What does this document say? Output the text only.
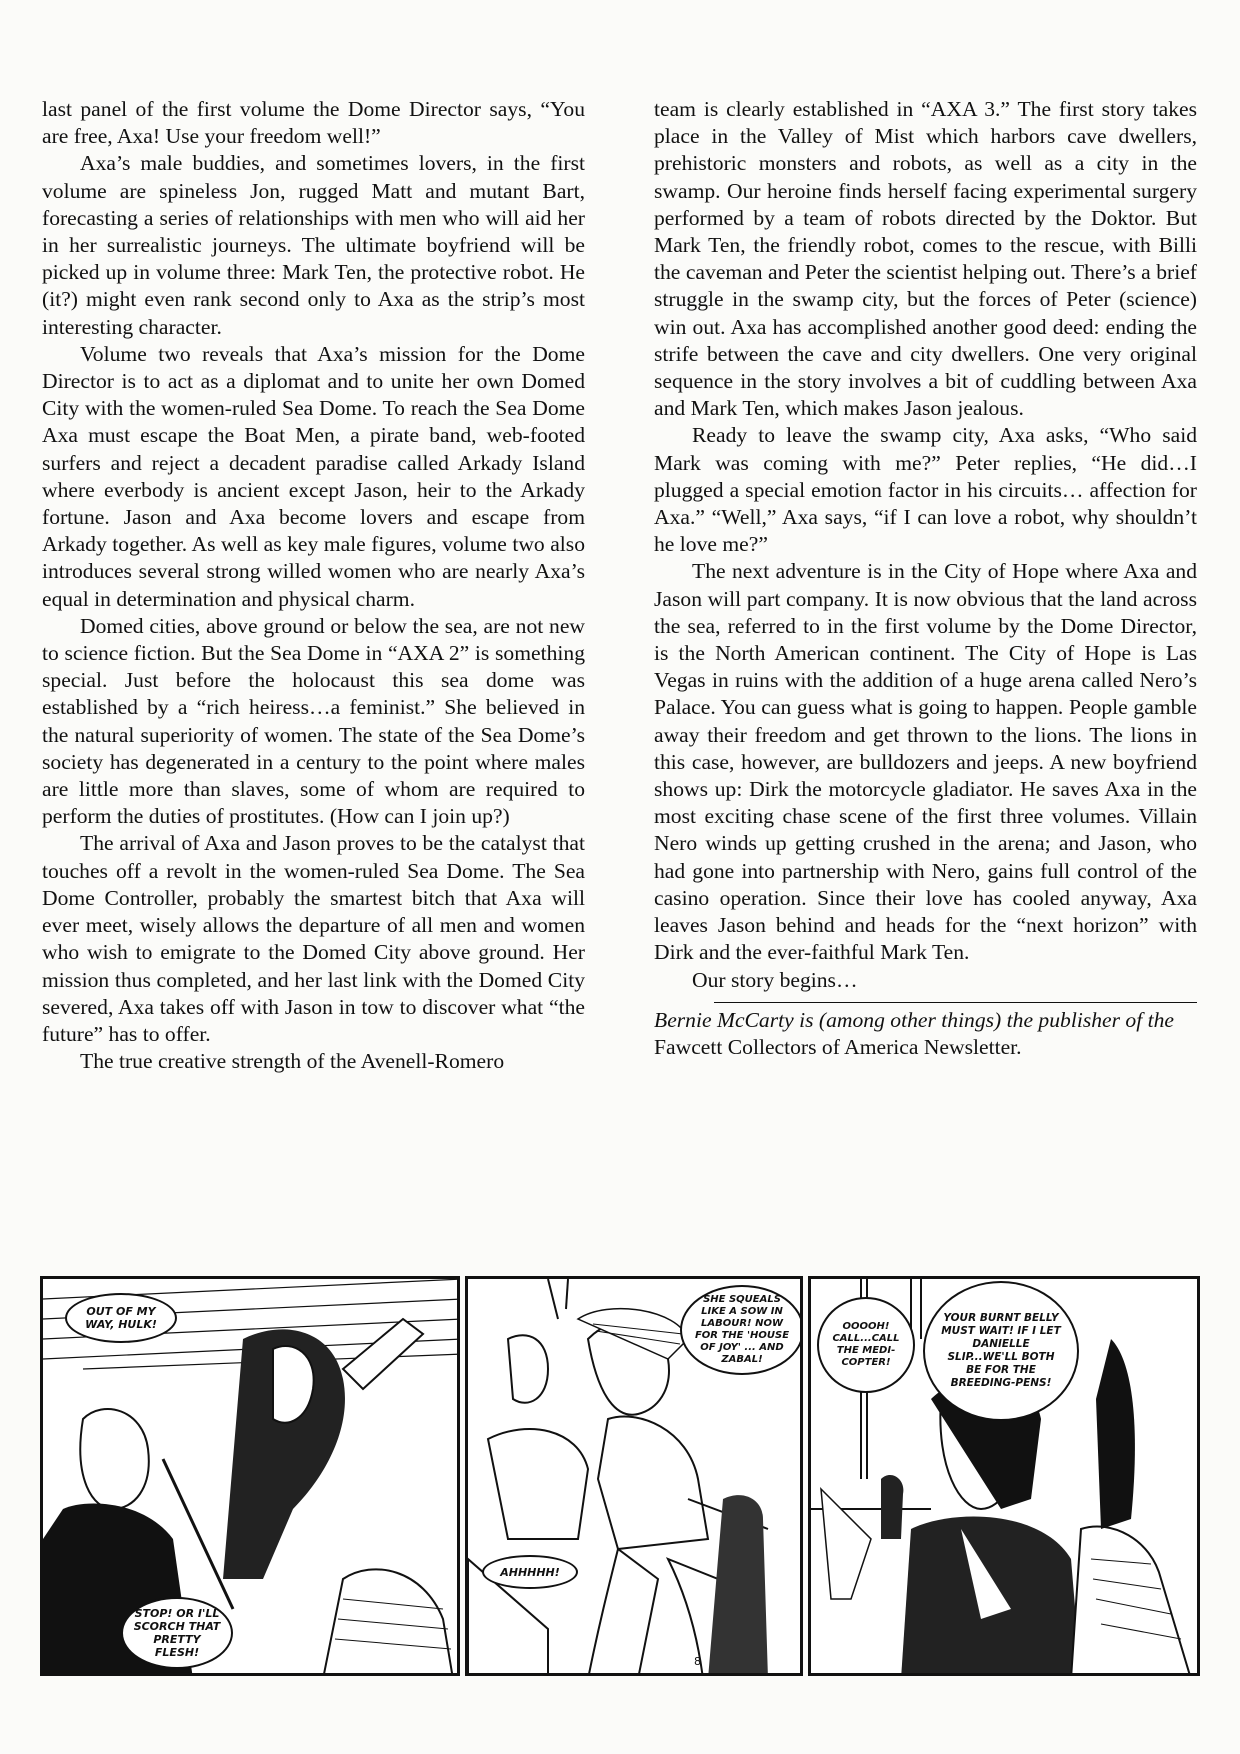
last panel of the first volume the Dome Director says, “You are free, Axa! Use your freedom well!”

Axa’s male buddies, and sometimes lovers, in the first volume are spineless Jon, rugged Matt and mutant Bart, forecasting a series of relationships with men who will aid her in her surrealistic journeys. The ultimate boyfriend will be picked up in volume three: Mark Ten, the protective robot. He (it?) might even rank second only to Axa as the strip’s most interesting character.

Volume two reveals that Axa’s mission for the Dome Director is to act as a diplomat and to unite her own Domed City with the women-ruled Sea Dome. To reach the Sea Dome Axa must escape the Boat Men, a pirate band, web-footed surfers and reject a decadent paradise called Arkady Island where everbody is ancient except Jason, heir to the Arkady fortune. Jason and Axa become lovers and escape from Arkady together. As well as key male figures, volume two also introduces several strong willed women who are nearly Axa’s equal in determination and physical charm.

Domed cities, above ground or below the sea, are not new to science fiction. But the Sea Dome in “AXA 2” is something special. Just before the holocaust this sea dome was established by a “rich heiress…a feminist.” She believed in the natural superiority of women. The state of the Sea Dome’s society has degenerated in a century to the point where males are little more than slaves, some of whom are required to perform the duties of prostitutes. (How can I join up?)

The arrival of Axa and Jason proves to be the catalyst that touches off a revolt in the women-ruled Sea Dome. The Sea Dome Controller, probably the smartest bitch that Axa will ever meet, wisely allows the departure of all men and women who wish to emigrate to the Domed City above ground. Her mission thus completed, and her last link with the Domed City severed, Axa takes off with Jason in tow to discover what “the future” has to offer.

The true creative strength of the Avenell-Romero

team is clearly established in “AXA 3.” The first story takes place in the Valley of Mist which harbors cave dwellers, prehistoric monsters and robots, as well as a city in the swamp. Our heroine finds herself facing experimental surgery performed by a team of robots directed by the Doktor. But Mark Ten, the friendly robot, comes to the rescue, with Billi the caveman and Peter the scientist helping out. There’s a brief struggle in the swamp city, but the forces of Peter (science) win out. Axa has accomplished another good deed: ending the strife between the cave and city dwellers. One very original sequence in the story involves a bit of cuddling between Axa and Mark Ten, which makes Jason jealous.

Ready to leave the swamp city, Axa asks, “Who said Mark was coming with me?” Peter replies, “He did…I plugged a special emotion factor in his circuits… affection for Axa.” “Well,” Axa says, “if I can love a robot, why shouldn’t he love me?”

The next adventure is in the City of Hope where Axa and Jason will part company. It is now obvious that the land across the sea, referred to in the first volume by the Dome Director, is the North American continent. The City of Hope is Las Vegas in ruins with the addition of a huge arena called Nero’s Palace. You can guess what is going to happen. People gamble away their freedom and get thrown to the lions. The lions in this case, however, are bulldozers and jeeps. A new boyfriend shows up: Dirk the motorcycle gladiator. He saves Axa in the most exciting chase scene of the first three volumes. Villain Nero winds up getting crushed in the arena; and Jason, who had gone into partnership with Nero, gains full control of the casino operation. Since their love has cooled anyway, Axa leaves Jason behind and heads for the “next horizon” with Dirk and the ever-faithful Mark Ten.

Our story begins…

Bernie McCarty is (among other things) the publisher of the Fawcett Collectors of America Newsletter.

OUT OF MY WAY, HULK!
STOP! OR I'LL SCORCH THAT PRETTY FLESH!
SHE SQUEALS LIKE A SOW IN LABOUR! NOW FOR THE 'HOUSE OF JOY' ... AND ZABAL!
AHHHHH!
8
OOOOH! CALL...CALL THE MEDI-COPTER!
YOUR BURNT BELLY MUST WAIT! IF I LET DANIELLE SLIP...WE'LL BOTH BE FOR THE BREEDING-PENS!
